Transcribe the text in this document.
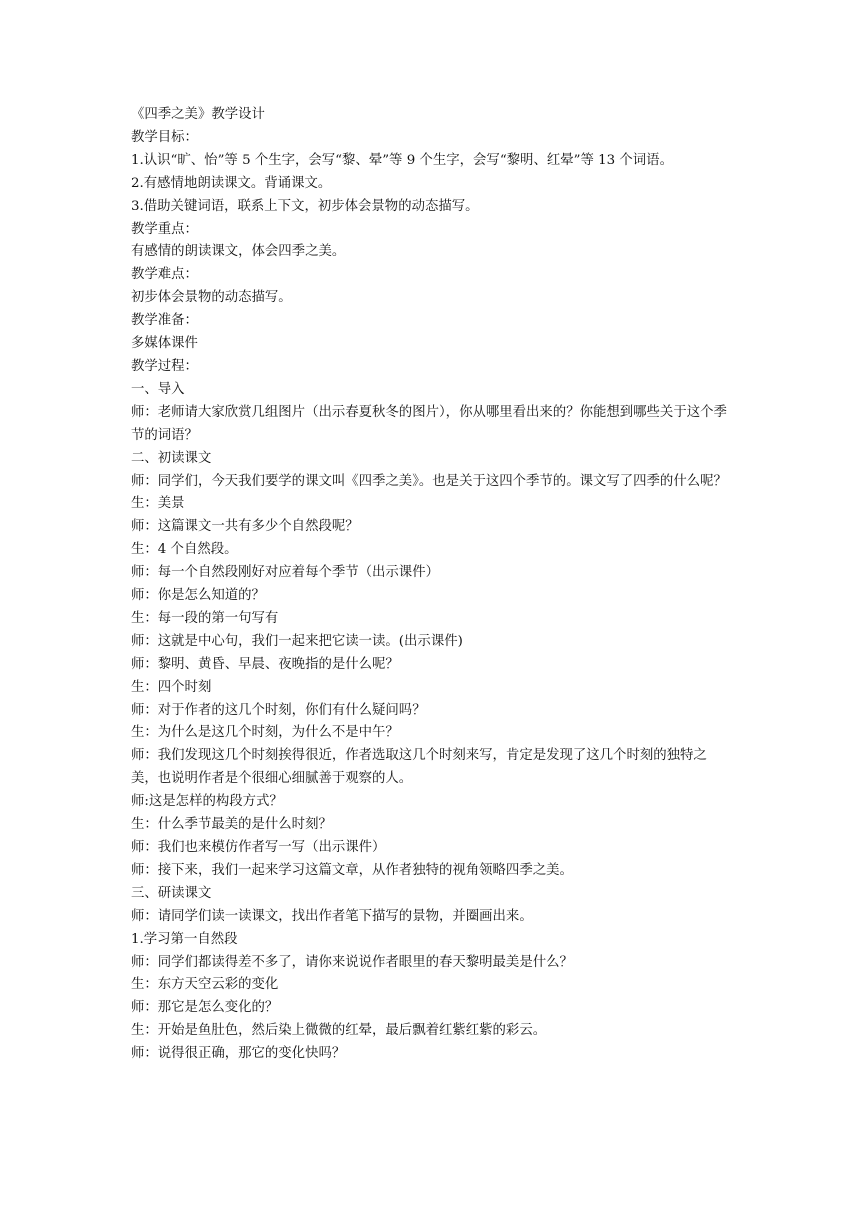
《四季之美》教学设计

教学目标：

1.认识“旷、怡”等 5 个生字，会写“黎、晕”等 9 个生字，会写“黎明、红晕”等 13 个词语。

2.有感情地朗读课文。背诵课文。

3.借助关键词语，联系上下文，初步体会景物的动态描写。

教学重点：

有感情的朗读课文，体会四季之美。

教学难点：

初步体会景物的动态描写。

教学准备：

多媒体课件

教学过程：

一、导入

师：老师请大家欣赏几组图片（出示春夏秋冬的图片），你从哪里看出来的？你能想到哪些关于这个季节的词语？

二、初读课文

师：同学们，今天我们要学的课文叫《四季之美》。也是关于这四个季节的。课文写了四季的什么呢？

生：美景

师：这篇课文一共有多少个自然段呢？

生：4 个自然段。

师：每一个自然段刚好对应着每个季节（出示课件）

师：你是怎么知道的？

生：每一段的第一句写有

师：这就是中心句，我们一起来把它读一读。(出示课件)

师：黎明、黄昏、早晨、夜晚指的是什么呢？

生：四个时刻

师：对于作者的这几个时刻，你们有什么疑问吗？

生：为什么是这几个时刻，为什么不是中午？

师：我们发现这几个时刻挨得很近，作者选取这几个时刻来写，肯定是发现了这几个时刻的独特之美，也说明作者是个很细心细腻善于观察的人。

师:这是怎样的构段方式？

生：什么季节最美的是什么时刻？

师：我们也来模仿作者写一写（出示课件）

师：接下来，我们一起来学习这篇文章，从作者独特的视角领略四季之美。

三、研读课文

师：请同学们读一读课文，找出作者笔下描写的景物，并圈画出来。

1.学习第一自然段

师：同学们都读得差不多了，请你来说说作者眼里的春天黎明最美是什么？

生：东方天空云彩的变化

师：那它是怎么变化的？

生：开始是鱼肚色，然后染上微微的红晕，最后飘着红紫红紫的彩云。

师：说得很正确，那它的变化快吗？
